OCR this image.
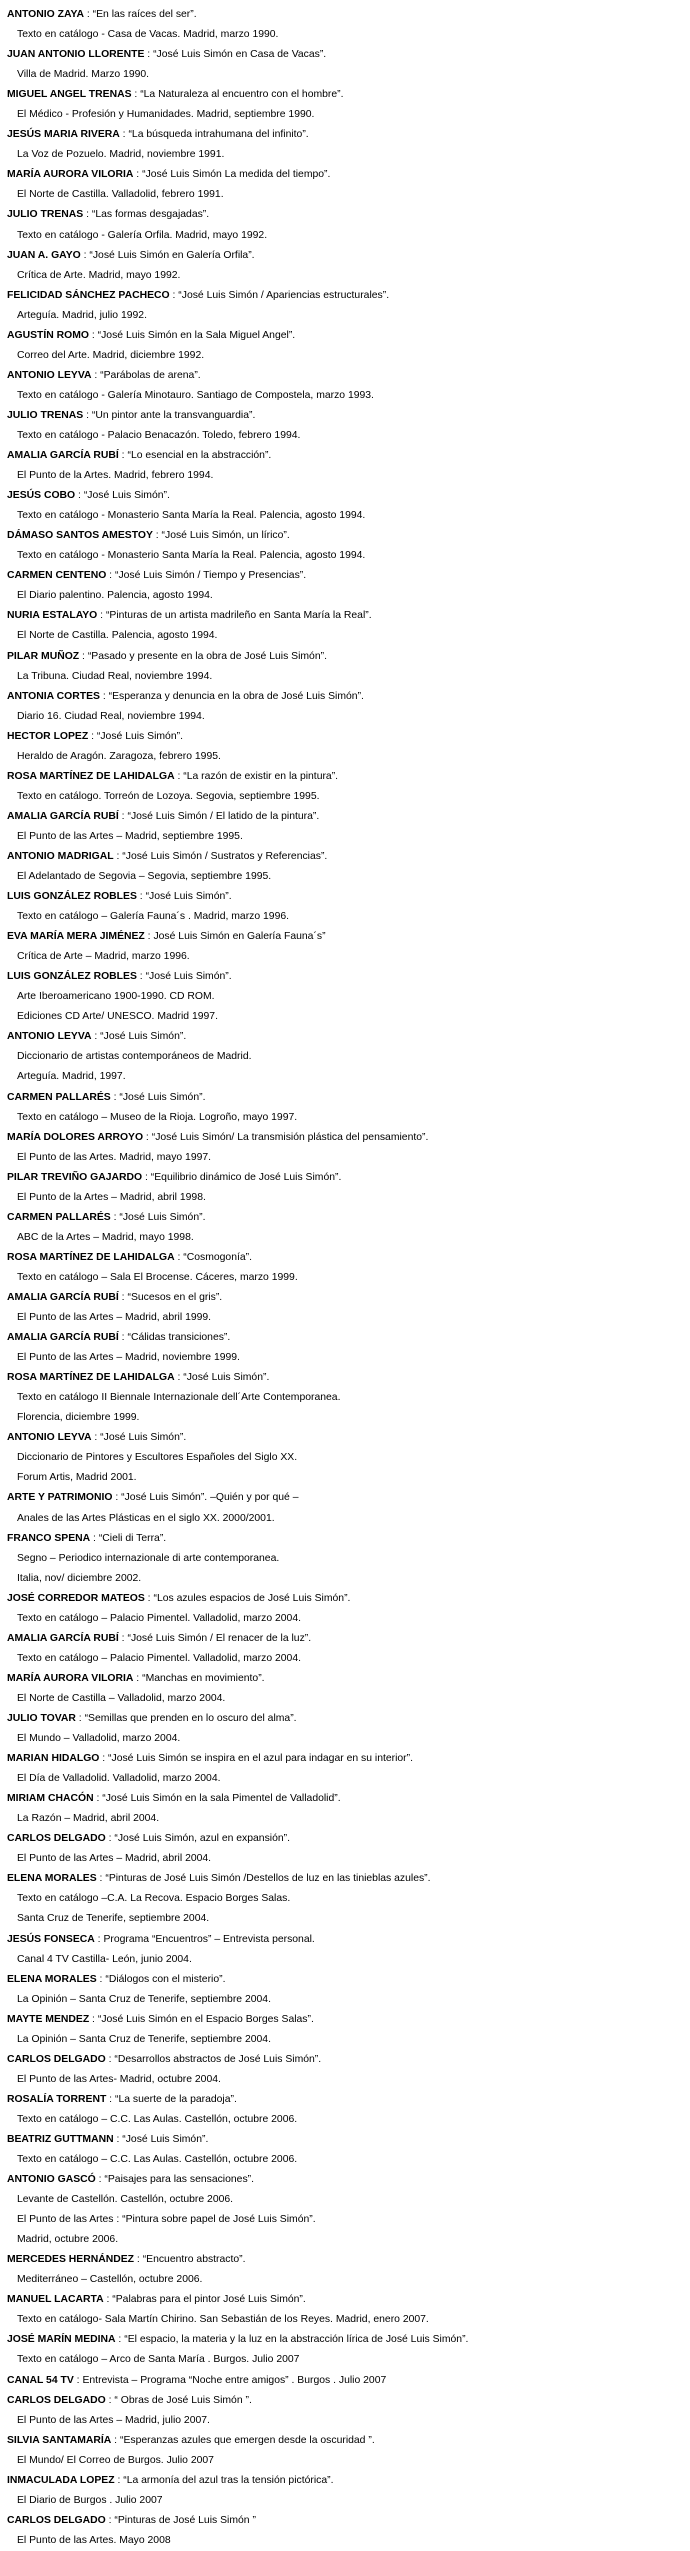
ANTONIO ZAYA : “En las raíces del ser”.
Texto en catálogo - Casa de Vacas. Madrid, marzo 1990.
JUAN ANTONIO LLORENTE : “José Luis Simón en Casa de Vacas”.
Villa de Madrid. Marzo 1990.
MIGUEL ANGEL TRENAS : “La Naturaleza al encuentro con el hombre”.
El Médico - Profesión y Humanidades. Madrid, septiembre 1990.
JESÚS MARIA RIVERA : “La búsqueda intrahumana del infinito”.
La Voz de Pozuelo. Madrid, noviembre 1991.
MARÍA AURORA VILORIA : “José Luis Simón La medida del tiempo”.
El Norte de Castilla. Valladolid, febrero 1991.
JULIO TRENAS : “Las formas desgajadas”.
Texto en catálogo - Galería Orfila. Madrid, mayo 1992.
JUAN A. GAYO : “José Luis Simón en Galería Orfila”.
Crítica de Arte. Madrid, mayo 1992.
FELICIDAD SÁNCHEZ PACHECO : “José Luis Simón / Apariencias estructurales”.
Arteguía. Madrid, julio 1992.
AGUSTÍN ROMO : “José Luis Simón en la Sala Miguel Angel”.
Correo del Arte. Madrid, diciembre 1992.
ANTONIO LEYVA : “Parábolas de arena”.
Texto en catálogo - Galería Minotauro. Santiago de Compostela, marzo 1993.
JULIO TRENAS : “Un pintor ante la transvanguardia”.
Texto en catálogo - Palacio Benacazón. Toledo, febrero 1994.
AMALIA GARCÍA RUBÍ : “Lo esencial en la abstracción”.
El Punto de la Artes. Madrid, febrero 1994.
JESÚS COBO : “José Luis Simón”.
Texto en catálogo - Monasterio Santa María la Real. Palencia, agosto 1994.
DÁMASO SANTOS AMESTOY : “José Luis Simón, un lírico”.
Texto en catálogo - Monasterio Santa María la Real. Palencia, agosto 1994.
CARMEN CENTENO : “José Luis Simón / Tiempo y Presencias”.
El Diario palentino. Palencia, agosto 1994.
NURIA ESTALAYO : “Pinturas de un artista madrileño en Santa María la Real”.
El Norte de Castilla. Palencia, agosto 1994.
PILAR MUÑOZ : “Pasado y presente en la obra de José Luis Simón”.
La Tribuna. Ciudad Real, noviembre 1994.
ANTONIA CORTES : “Esperanza y denuncia en la obra de José Luis Simón”.
Diario 16. Ciudad Real, noviembre 1994.
HECTOR LOPEZ : “José Luis Simón”.
Heraldo de Aragón. Zaragoza, febrero 1995.
ROSA MARTÍNEZ DE LAHIDALGA : “La razón de existir en la pintura”.
Texto en catálogo. Torreón de Lozoya. Segovia, septiembre 1995.
AMALIA GARCÍA RUBÍ : “José Luis Simón / El latido de la pintura”.
El Punto de las Artes – Madrid, septiembre 1995.
ANTONIO MADRIGAL : “José Luis Simón / Sustratos y Referencias”.
El Adelantado de Segovia – Segovia, septiembre 1995.
LUIS GONZÁLEZ ROBLES : “José Luis Simón”.
Texto en catálogo – Galería Fauna´s . Madrid, marzo 1996.
EVA MARÍA MERA JIMÉNEZ : José Luis Simón en Galería Fauna´s”
Crítica de Arte – Madrid, marzo 1996.
LUIS GONZÁLEZ ROBLES : “José Luis Simón”.
Arte Iberoamericano 1900-1990. CD ROM.
Ediciones CD Arte/ UNESCO. Madrid 1997.
ANTONIO LEYVA : “José Luis Simón”.
Diccionario de artistas contemporáneos de Madrid.
Arteguía. Madrid, 1997.
CARMEN PALLARÉS : “José Luis Simón”.
Texto en catálogo – Museo de la Rioja. Logroño, mayo 1997.
MARÍA DOLORES ARROYO : “José Luis Simón/ La transmisión plástica del pensamiento”.
El Punto de las Artes. Madrid, mayo 1997.
PILAR TREVIÑO GAJARDO : “Equilibrio dinámico de José Luis Simón”.
El Punto de la Artes – Madrid, abril 1998.
CARMEN PALLARÉS : “José Luis Simón”.
ABC de la Artes – Madrid, mayo 1998.
ROSA MARTÍNEZ DE LAHIDALGA : “Cosmogonía”.
Texto en catálogo – Sala El Brocense. Cáceres, marzo 1999.
AMALIA GARCÍA RUBÍ : “Sucesos en el gris”.
El Punto de las Artes – Madrid, abril 1999.
AMALIA GARCÍA RUBÍ : “Cálidas transiciones”.
El Punto de las Artes – Madrid, noviembre 1999.
ROSA MARTÍNEZ DE LAHIDALGA : “José Luis Simón”.
Texto en catálogo II Biennale Internazionale dell´Arte Contemporanea.
Florencia, diciembre 1999.
ANTONIO LEYVA : “José Luis Simón”.
Diccionario de Pintores y Escultores Españoles del Siglo XX.
Forum Artis, Madrid 2001.
ARTE Y PATRIMONIO : “José Luis Simón”. –Quién y por qué –
Anales de las Artes Plásticas en el siglo XX. 2000/2001.
FRANCO SPENA : “Cieli di Terra”.
Segno – Periodico internazionale di arte contemporanea.
Italia, nov/ diciembre 2002.
JOSÉ CORREDOR MATEOS : “Los azules espacios de José Luis Simón”.
Texto en catálogo – Palacio Pimentel. Valladolid, marzo 2004.
AMALIA GARCÍA RUBÍ : “José Luis Simón / El renacer de la luz”.
Texto en catálogo – Palacio Pimentel. Valladolid, marzo 2004.
MARÍA AURORA VILORIA : “Manchas en movimiento”.
El Norte de Castilla – Valladolid, marzo 2004.
JULIO TOVAR : “Semillas que prenden en lo oscuro del alma”.
El Mundo – Valladolid, marzo 2004.
MARIAN HIDALGO : “José Luis Simón se inspira en el azul para indagar en su interior”.
El Día de Valladolid. Valladolid, marzo 2004.
MIRIAM CHACÓN : “José Luis Simón en la sala Pimentel de Valladolid”.
La Razón – Madrid, abril 2004.
CARLOS DELGADO : “José Luis Simón, azul en expansión”.
El Punto de las Artes – Madrid, abril 2004.
ELENA MORALES : “Pinturas de José Luis Simón /Destellos de luz en las tinieblas azules”.
Texto en catálogo –C.A. La Recova. Espacio Borges Salas.
Santa Cruz de Tenerife, septiembre 2004.
JESÚS FONSECA : Programa “Encuentros” – Entrevista personal.
Canal 4 TV Castilla- León, junio 2004.
ELENA MORALES : “Diálogos con el misterio”.
La Opinión – Santa Cruz de Tenerife, septiembre 2004.
MAYTE MENDEZ : “José Luis Simón en el Espacio Borges Salas”.
La Opinión – Santa Cruz de Tenerife, septiembre 2004.
CARLOS DELGADO : “Desarrollos abstractos de José Luis Simón”.
El Punto de las Artes- Madrid, octubre 2004.
ROSALÍA TORRENT : “La suerte de la paradoja”.
Texto en catálogo – C.C. Las Aulas. Castellón, octubre 2006.
BEATRIZ GUTTMANN : “José Luis Simón”.
Texto en catálogo – C.C. Las Aulas. Castellón, octubre 2006.
ANTONIO GASCÓ : “Paisajes para las sensaciones”.
Levante de Castellón. Castellón, octubre 2006.
El Punto de las Artes : “Pintura sobre papel de José Luis Simón”.
Madrid, octubre 2006.
MERCEDES HERNÁNDEZ : “Encuentro abstracto”.
Mediterráneo – Castellón, octubre 2006.
MANUEL LACARTA : “Palabras para el pintor José Luis Simón”.
Texto en catálogo- Sala Martín Chirino. San Sebastián de los Reyes. Madrid, enero 2007.
JOSÉ MARÍN MEDINA : “El espacio, la materia y la luz en la abstracción lírica de José Luis Simón”.
Texto en catálogo – Arco de Santa María . Burgos. Julio 2007
CANAL 54 TV : Entrevista – Programa “Noche entre amigos” . Burgos . Julio 2007
CARLOS DELGADO : “ Obras de José Luis Simón ”.
El Punto de las Artes – Madrid, julio 2007.
SILVIA SANTAMARÍA : “Esperanzas azules que emergen desde la oscuridad ”.
El Mundo/ El Correo de Burgos. Julio 2007
INMACULADA LOPEZ : “La armonía del azul tras la tensión pictórica”.
El Diario de Burgos . Julio 2007
CARLOS DELGADO : “Pinturas de José Luis Simón ”
El Punto de las Artes. Mayo 2008
